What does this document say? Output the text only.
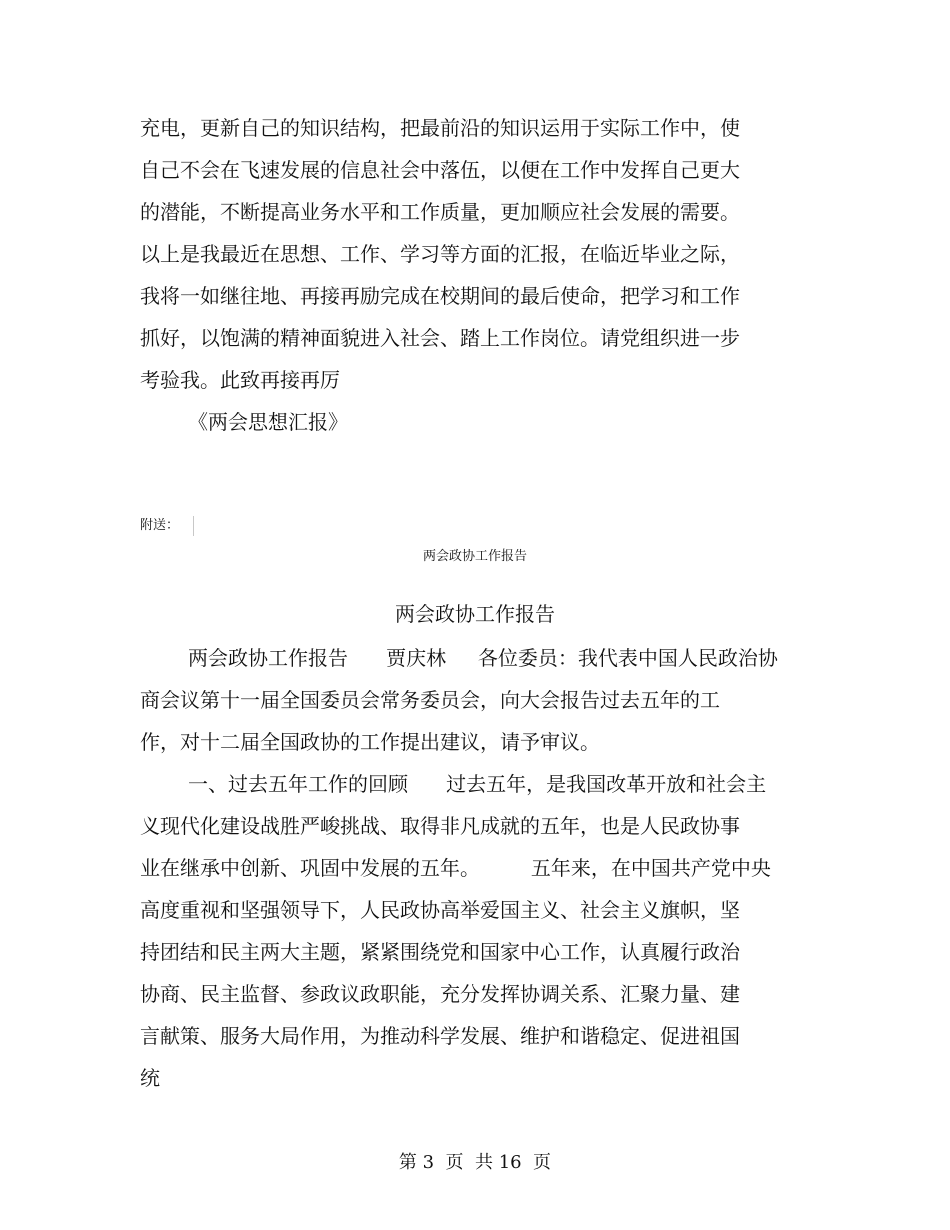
充电，更新自己的知识结构，把最前沿的知识运用于实际工作中，使
自己不会在飞速发展的信息社会中落伍，以便在工作中发挥自己更大
的潜能，不断提高业务水平和工作质量，更加顺应社会发展的需要。
以上是我最近在思想、工作、学习等方面的汇报，在临近毕业之际，
我将一如继往地、再接再励完成在校期间的最后使命，把学习和工作
抓好，以饱满的精神面貌进入社会、踏上工作岗位。请党组织进一步
考验我。此致再接再厉
《两会思想汇报》
附送：
两会政协工作报告
两会政协工作报告
两会政协工作报告      贾庆林     各位委员：我代表中国人民政治协
商会议第十一届全国委员会常务委员会，向大会报告过去五年的工
作，对十二届全国政协的工作提出建议，请予审议。
一、过去五年工作的回顾      过去五年，是我国改革开放和社会主
义现代化建设战胜严峻挑战、取得非凡成就的五年，也是人民政协事
业在继承中创新、巩固中发展的五年。        五年来，在中国共产党中央
高度重视和坚强领导下，人民政协高举爱国主义、社会主义旗帜，坚
持团结和民主两大主题，紧紧围绕党和国家中心工作，认真履行政治
协商、民主监督、参政议政职能，充分发挥协调关系、汇聚力量、建
言献策、服务大局作用，为推动科学发展、维护和谐稳定、促进祖国
统
第 3  页  共 16  页
